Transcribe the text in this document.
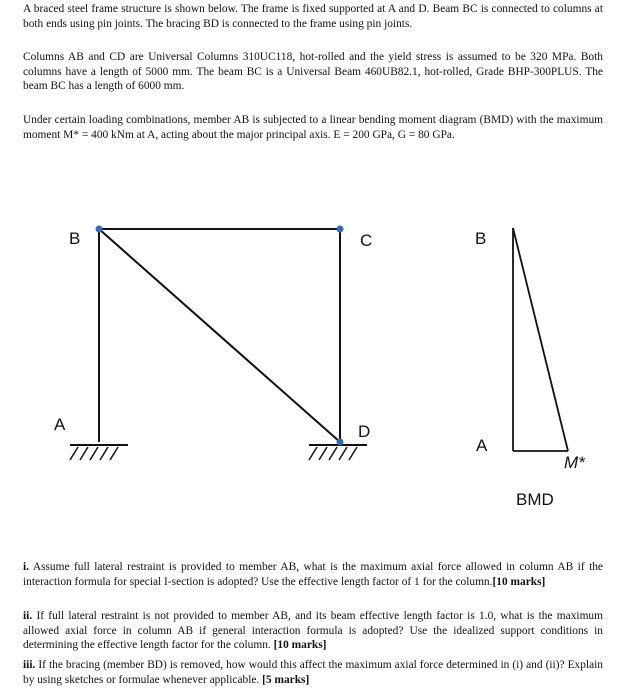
A braced steel frame structure is shown below. The frame is fixed supported at A and D. Beam BC is connected to columns at both ends using pin joints. The bracing BD is connected to the frame using pin joints.

Columns AB and CD are Universal Columns 310UC118, hot-rolled and the yield stress is assumed to be 320 MPa. Both columns have a length of 5000 mm. The beam BC is a Universal Beam 460UB82.1, hot-rolled, Grade BHP-300PLUS. The beam BC has a length of 6000 mm.

Under certain loading combinations, member AB is subjected to a linear bending moment diagram (BMD) with the maximum moment M* = 400 kNm at A, acting about the major principal axis. E = 200 GPa, G = 80 GPa.

B	C
A	D
B
A
M*
BMD

i. Assume full lateral restraint is provided to member AB, what is the maximum axial force allowed in column AB if the interaction formula for special I-section is adopted? Use the effective length factor of 1 for the column.[10 marks]

ii. If full lateral restraint is not provided to member AB, and its beam effective length factor is 1.0, what is the maximum allowed axial force in column AB if general interaction formula is adopted? Use the idealized support conditions in determining the effective length factor for the column. [10 marks]

iii. If the bracing (member BD) is removed, how would this affect the maximum axial force determined in (i) and (ii)? Explain by using sketches or formulae whenever applicable. [5 marks]
